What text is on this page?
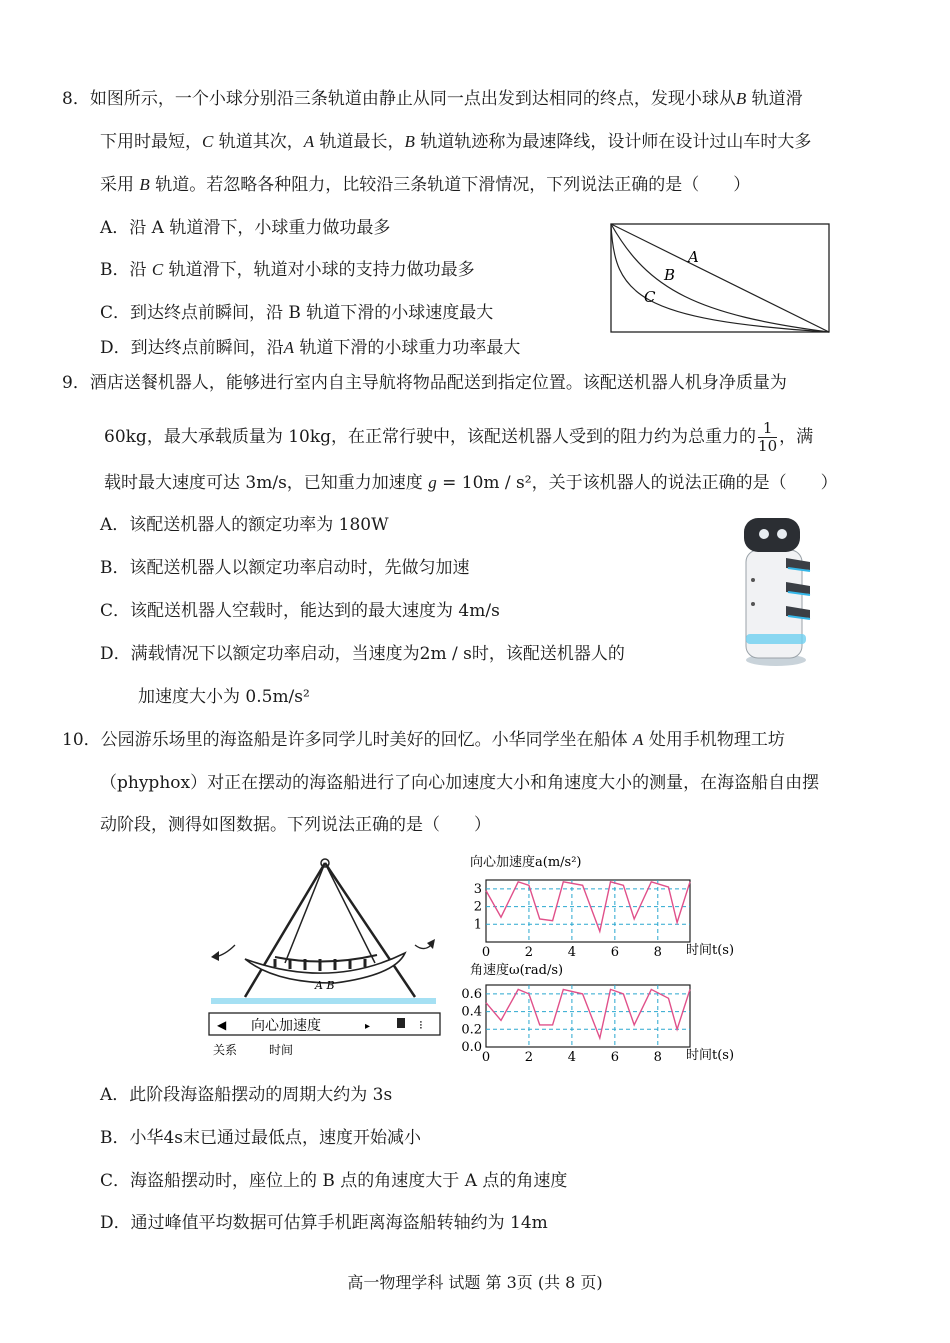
8．如图所示，一个小球分别沿三条轨道由静止从同一点出发到达相同的终点，发现小球从B 轨道滑
下用时最短，C 轨道其次，A 轨道最长，B 轨道轨迹称为最速降线，设计师在设计过山车时大多
采用 B 轨道。若忽略各种阻力，比较沿三条轨道下滑情况，下列说法正确的是（　　）
A．沿 A 轨道滑下，小球重力做功最多
B．沿 C 轨道滑下，轨道对小球的支持力做功最多
C．到达终点前瞬间，沿 B 轨道下滑的小球速度最大
D．到达终点前瞬间，沿A 轨道下滑的小球重力功率最大
A
B
C
9．酒店送餐机器人，能够进行室内自主导航将物品配送到指定位置。该配送机器人机身净质量为
60kg，最大承载质量为 10kg，在正常行驶中，该配送机器人受到的阻力约为总重力的 $\frac{1}{10}$ ，满
载时最大速度可达 3m/s，已知重力加速度 g = 10m / s²，关于该机器人的说法正确的是（　　）
A．该配送机器人的额定功率为 180W
B．该配送机器人以额定功率启动时，先做匀加速
C．该配送机器人空载时，能达到的最大速度为 4m/s
D．满载情况下以额定功率启动，当速度为2m / s时，该配送机器人的
加速度大小为 0.5m/s²
10．公园游乐场里的海盗船是许多同学儿时美好的回忆。小华同学坐在船体 A 处用手机物理工坊
（phyphox）对正在摆动的海盗船进行了向心加速度大小和角速度大小的测量，在海盗船自由摆
动阶段，测得如图数据。下列说法正确的是（　　）
A B
◀ 向心加速度	▸	⁝
关系	时间
向心加速度a(m/s²)
1
2
3
0	2	4	6	8 时间t(s)
角速度ω(rad/s)
0.0
0.2
0.4
0.6
0	2	4	6	8 时间t(s)
A．此阶段海盗船摆动的周期大约为 3s
B．小华4s末已通过最低点，速度开始减小
C．海盗船摆动时，座位上的 B 点的角速度大于 A 点的角速度
D．通过峰值平均数据可估算手机距离海盗船转轴约为 14m
高一物理学科 试题 第 3页 (共 8 页)
